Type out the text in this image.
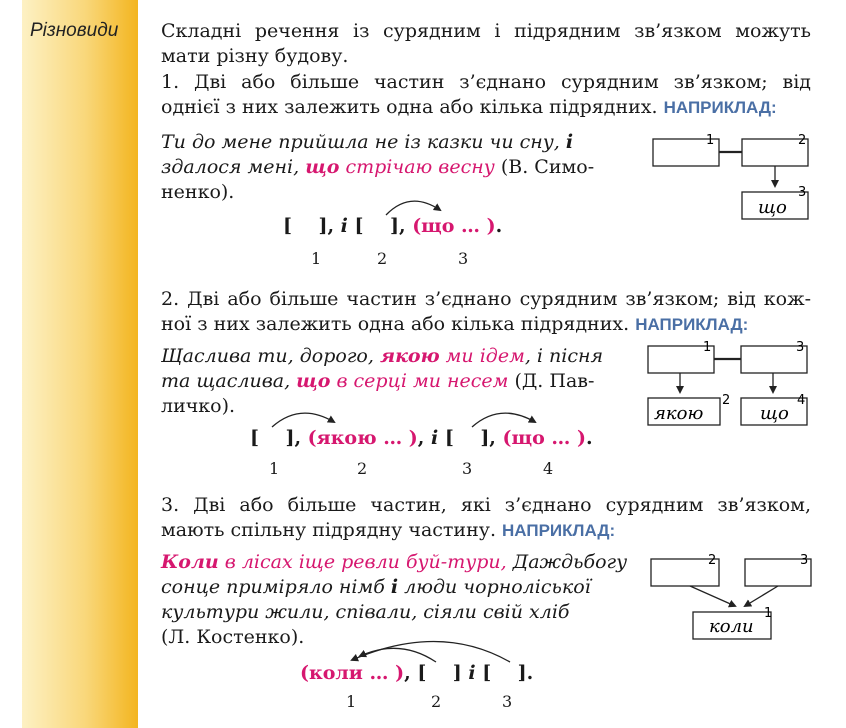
Різновиди Складні речення із сурядним і підрядним зв’язком можуть
мати різну будову.
1. Дві або більше частин з’єднано сурядним зв’язком; від
однієї з них залежить одна або кілька підрядних. НАПРИКЛАД:
Ти до мене прийшла не із казки чи сну, і
здалося мені, що стрічаю весну (В. Симо-
ненко).
[    ], і [    ], (що … ).
1	2	3
2. Дві або більше частин з’єднано сурядним зв’язком; від кож-
ної з них залежить одна або кілька підрядних. НАПРИКЛАД:
Щаслива ти, дорого, якою ми ідем, і пісня
та щаслива, що в серці ми несем (Д. Пав-
личко).
[    ], (якою … ), і [    ], (що … ).
1	2	3	4
3. Дві або більше частин, які з’єднано сурядним зв’язком,
мають спільну підрядну частину. НАПРИКЛАД:
Коли в лісах іще ревли буй-тури, Даждьбогу
сонце приміряло німб і люди чорноліської
культури жили, співали, сіяли свій хліб
(Л. Костенко).
(коли … ), [    ] і [    ].
1	2	3
1	2
3
що
1	3
2	4
якою	що
2	3
1
коли
